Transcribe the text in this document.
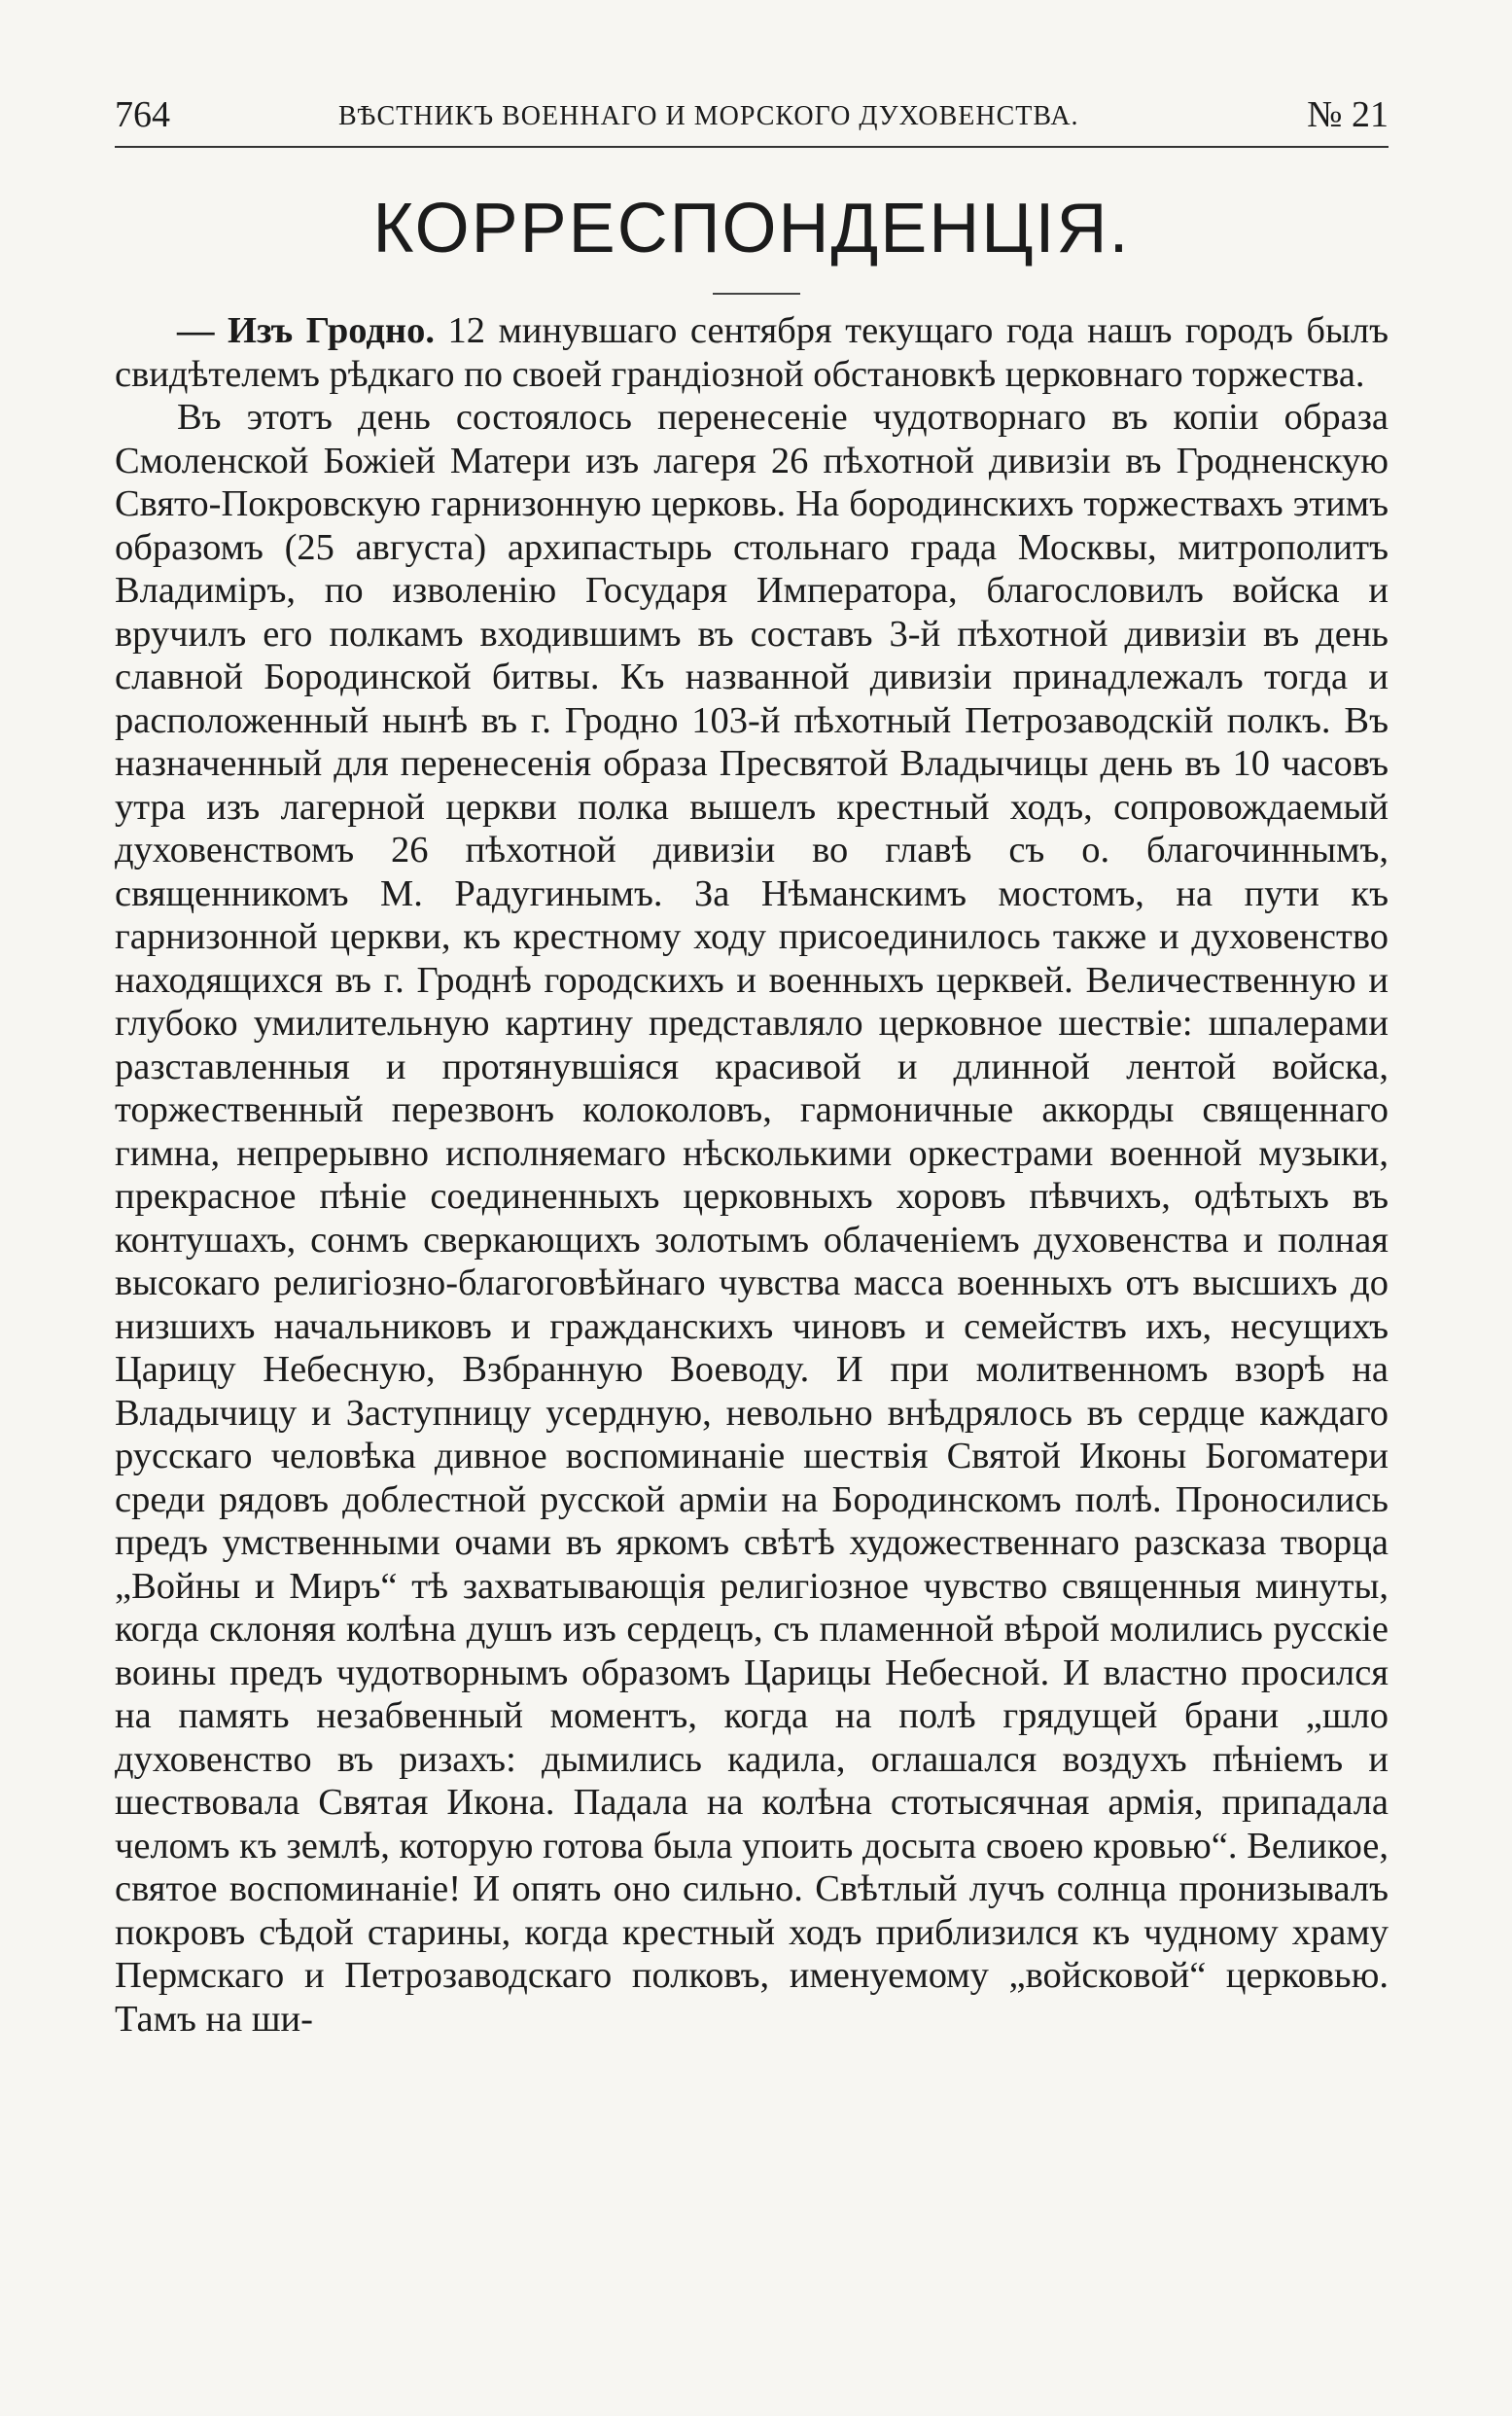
764	ВѢСТНИКЪ ВОЕННАГО И МОРСКОГО ДУХОВЕНСТВА.	№ 21
КОРРЕСПОНДЕНЦІЯ.

— Изъ Гродно. 12 минувшаго сентября текущаго года нашъ городъ былъ свидѣтелемъ рѣдкаго по своей грандіозной обстановкѣ церковнаго торжества.

Въ этотъ день состоялось перенесеніе чудотворнаго въ копіи образа Смоленской Божіей Матери изъ лагеря 26 пѣхотной дивизіи въ Гродненскую Свято-Покровскую гарнизонную церковь. На бородинскихъ торжествахъ этимъ образомъ (25 августа) архипастырь стольнаго града Москвы, митрополитъ Владиміръ, по изволенію Государя Императора, благословилъ войска и вручилъ его полкамъ входившимъ въ составъ 3-й пѣхотной дивизіи въ день славной Бородинской битвы. Къ названной дивизіи принадлежалъ тогда и расположенный нынѣ въ г. Гродно 103-й пѣхотный Петрозаводскій полкъ. Въ назначенный для перенесенія образа Пресвятой Владычицы день въ 10 часовъ утра изъ лагерной церкви полка вышелъ крестный ходъ, сопровождаемый духовенствомъ 26 пѣхотной дивизіи во главѣ съ о. благочиннымъ, священникомъ М. Радугинымъ. За Нѣманскимъ мостомъ, на пути къ гарнизонной церкви, къ крестному ходу присоединилось также и духовенство находящихся въ г. Гроднѣ городскихъ и военныхъ церквей. Величественную и глубоко умилительную картину представляло церковное шествіе: шпалерами разставленныя и протянувшіяся красивой и длинной лентой войска, торжественный перезвонъ колоколовъ, гармоничные аккорды священнаго гимна, непрерывно исполняемаго нѣсколькими оркестрами военной музыки, прекрасное пѣніе соединенныхъ церковныхъ хоровъ пѣвчихъ, одѣтыхъ въ контушахъ, сонмъ сверкающихъ золотымъ облаченіемъ духовенства и полная высокаго религіозно-благоговѣйнаго чувства масса военныхъ отъ высшихъ до низшихъ начальниковъ и гражданскихъ чиновъ и семействъ ихъ, несущихъ Царицу Небесную, Взбранную Воеводу. И при молитвенномъ взорѣ на Владычицу и Заступницу усердную, невольно внѣдрялось въ сердце каждаго русскаго человѣка дивное воспоминаніе шествія Святой Иконы Богоматери среди рядовъ доблестной русской арміи на Бородинскомъ полѣ. Проносились предъ умственными очами въ яркомъ свѣтѣ художественнаго разсказа творца „Войны и Миръ“ тѣ захватывающія религіозное чувство священныя минуты, когда склоняя колѣна душъ изъ сердецъ, съ пламенной вѣрой молились русскіе воины предъ чудотворнымъ образомъ Царицы Небесной. И властно просился на память незабвенный моментъ, когда на полѣ грядущей брани „шло духовенство въ ризахъ: дымились кадила, оглашался воздухъ пѣніемъ и шествовала Святая Икона. Падала на колѣна стотысячная армія, припадала челомъ къ землѣ, которую готова была упоить досыта своею кровью“. Великое, святое воспоминаніе! И опять оно сильно. Свѣтлый лучъ солнца пронизывалъ покровъ сѣдой старины, когда крестный ходъ приблизился къ чудному храму Пермскаго и Петрозаводскаго полковъ, именуемому „войсковой“ церковью. Тамъ на ши-
